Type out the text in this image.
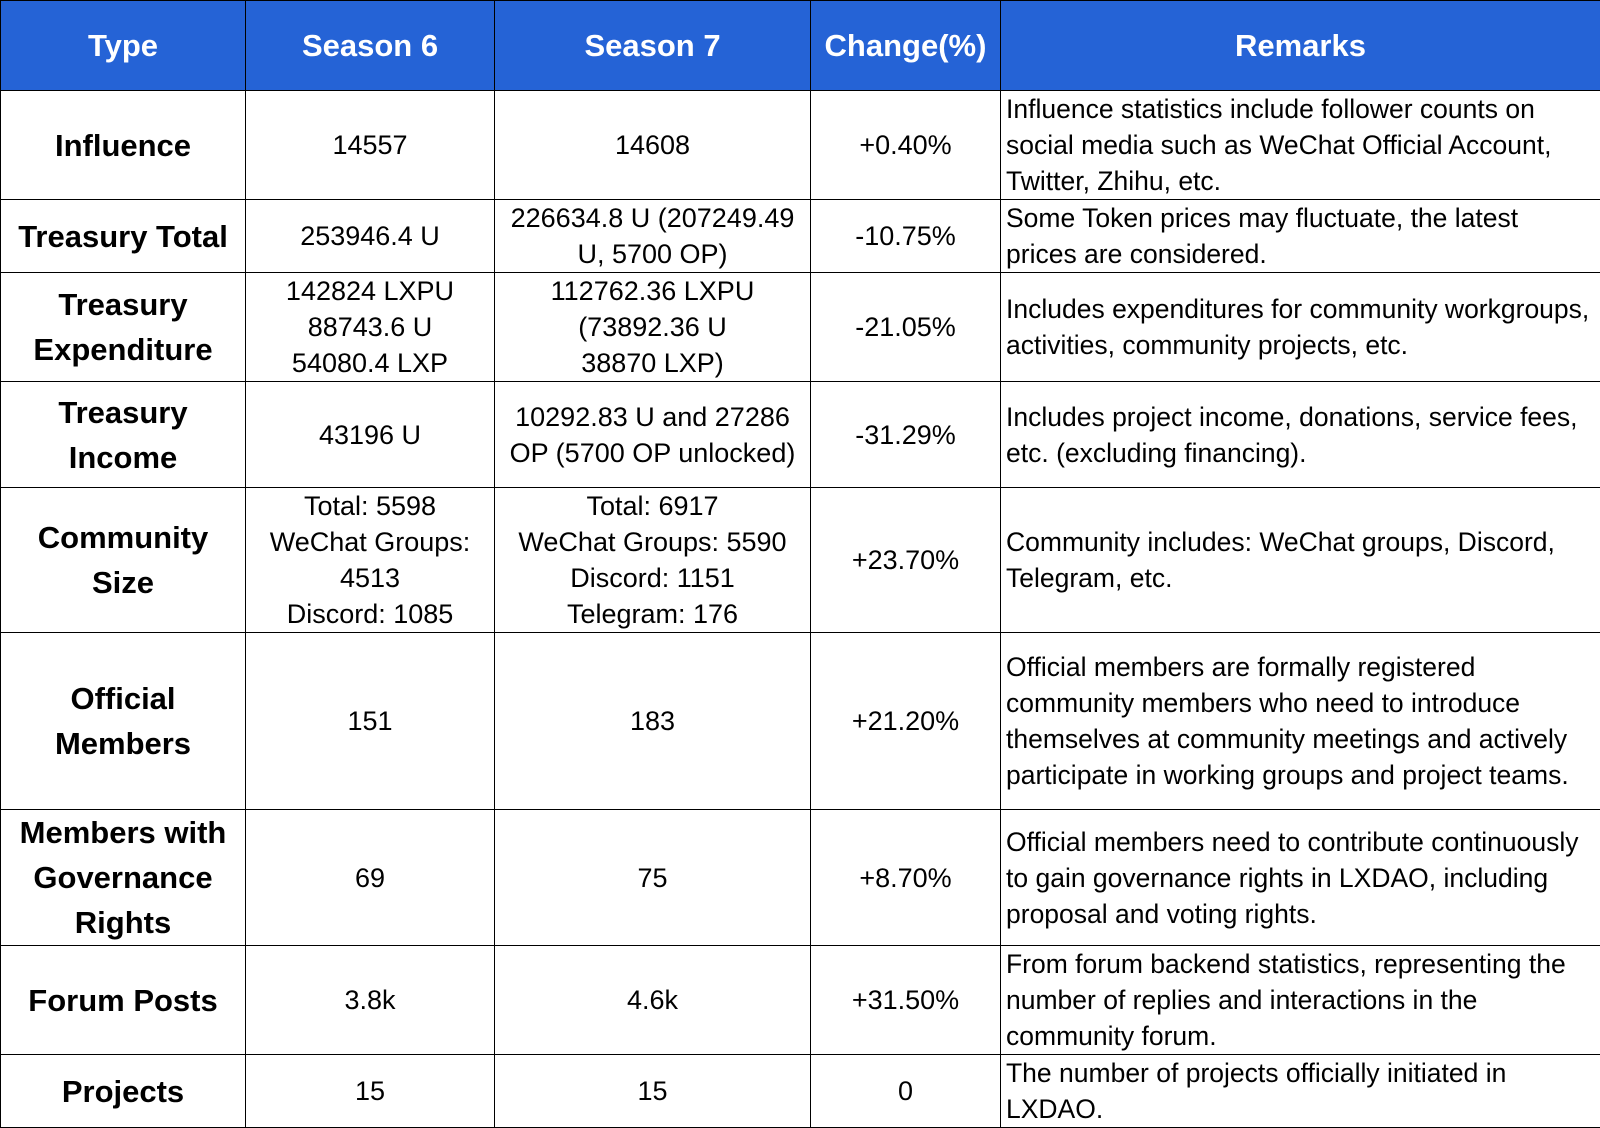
Type	Season 6	Season 7	Change(%)	Remarks
Influence	14557	14608	+0.40%	Influence statistics include follower counts on social media such as WeChat Official Account, Twitter, Zhihu, etc.
Treasury Total	253946.4 U	226634.8 U (207249.49 U, 5700 OP)	-10.75%	Some Token prices may fluctuate, the latest prices are considered.
Treasury Expenditure	142824 LXPU
88743.6 U
54080.4 LXP	112762.36 LXPU
(73892.36 U
38870 LXP)	-21.05%	Includes expenditures for community workgroups, activities, community projects, etc.
Treasury Income	43196 U	10292.83 U and 27286 OP (5700 OP unlocked)	-31.29%	Includes project income, donations, service fees, etc. (excluding financing).
Community Size	Total: 5598
WeChat Groups: 4513
Discord: 1085	Total: 6917
WeChat Groups: 5590
Discord: 1151
Telegram: 176	+23.70%	Community includes: WeChat groups, Discord, Telegram, etc.
Official Members	151	183	+21.20%	Official members are formally registered community members who need to introduce themselves at community meetings and actively participate in working groups and project teams.
Members with Governance Rights	69	75	+8.70%	Official members need to contribute continuously to gain governance rights in LXDAO, including proposal and voting rights.
Forum Posts	3.8k	4.6k	+31.50%	From forum backend statistics, representing the number of replies and interactions in the community forum.
Projects	15	15	0	The number of projects officially initiated in LXDAO.
